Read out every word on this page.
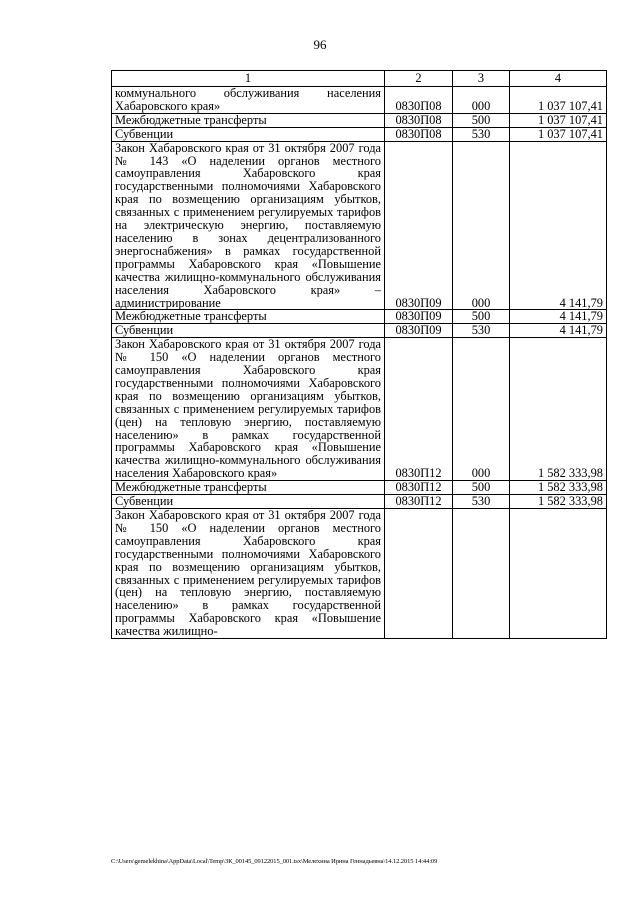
96
1	2	3	4
коммунального обслуживания населения Хабаровского края»	0830П08	000	1 037 107,41
Межбюджетные трансферты	0830П08	500	1 037 107,41
Субвенции	0830П08	530	1 037 107,41
Закон Хабаровского края от 31 октября 2007 года № 143 «О наделении органов местного самоуправления Хабаровского края государственными полномочиями Хабаровского края по возмещению организациям убытков, связанных с применением регулируемых тарифов на электрическую энергию, поставляемую населению в зонах децентрализованного энергоснабжения» в рамках государственной программы Хабаровского края «Повышение качества жилищно-коммунального обслуживания населения Хабаровского края» – администрирование	0830П09	000	4 141,79
Межбюджетные трансферты	0830П09	500	4 141,79
Субвенции	0830П09	530	4 141,79
Закон Хабаровского края от 31 октября 2007 года № 150 «О наделении органов местного самоуправления Хабаровского края государственными полномочиями Хабаровского края по возмещению организациям убытков, связанных с применением регулируемых тарифов (цен) на тепловую энергию, поставляемую населению» в рамках государственной программы Хабаровского края «Повышение качества жилищно-коммунального обслуживания населения Хабаровского края»	0830П12	000	1 582 333,98
Межбюджетные трансферты	0830П12	500	1 582 333,98
Субвенции	0830П12	530	1 582 333,98
Закон Хабаровского края от 31 октября 2007 года № 150 «О наделении органов местного самоуправления Хабаровского края государственными полномочиями Хабаровского края по возмещению организациям убытков, связанных с применением регулируемых тарифов (цен) на тепловую энергию, поставляемую населению» в рамках государственной программы Хабаровского края «Повышение качества жилищно-			
C:\Users\gemelekhina\AppData\Local\Temp\ЗК_00145_09122015_001.tsx\Мелехина Ирина Геннадьевна\14.12.2015 14:44:09
